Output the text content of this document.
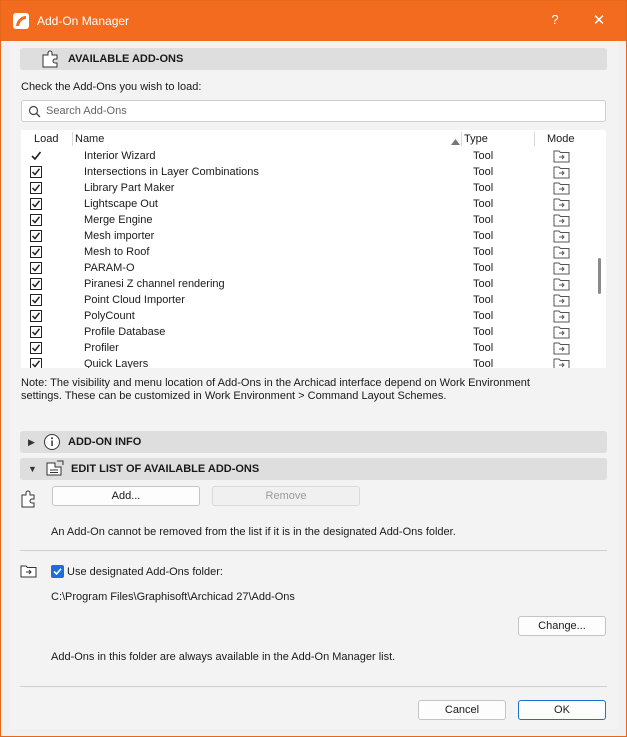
Add-On Manager	?	✕
AVAILABLE ADD-ONS
Check the Add-Ons you wish to load:
Search Add-Ons
Load Name	Type	Mode
Interior Wizard	Tool
Intersections in Layer Combinations	Tool
Library Part Maker	Tool
Lightscape Out	Tool
Merge Engine	Tool
Mesh importer	Tool
Mesh to Roof	Tool
PARAM-O	Tool
Piranesi Z channel rendering	Tool
Point Cloud Importer	Tool
PolyCount	Tool
Profile Database	Tool
Profiler	Tool
Quick Layers	Tool
Note: The visibility and menu location of Add-Ons in the Archicad interface depend on Work Environment
settings. These can be customized in Work Environment > Command Layout Schemes.
▶	ADD-ON INFO
▼	EDIT LIST OF AVAILABLE ADD-ONS
Add...	Remove
An Add-On cannot be removed from the list if it is in the designated Add-Ons folder.
Use designated Add-Ons folder:
C:\Program Files\Graphisoft\Archicad 27\Add-Ons
Change...
Add-Ons in this folder are always available in the Add-On Manager list.
Cancel	OK
